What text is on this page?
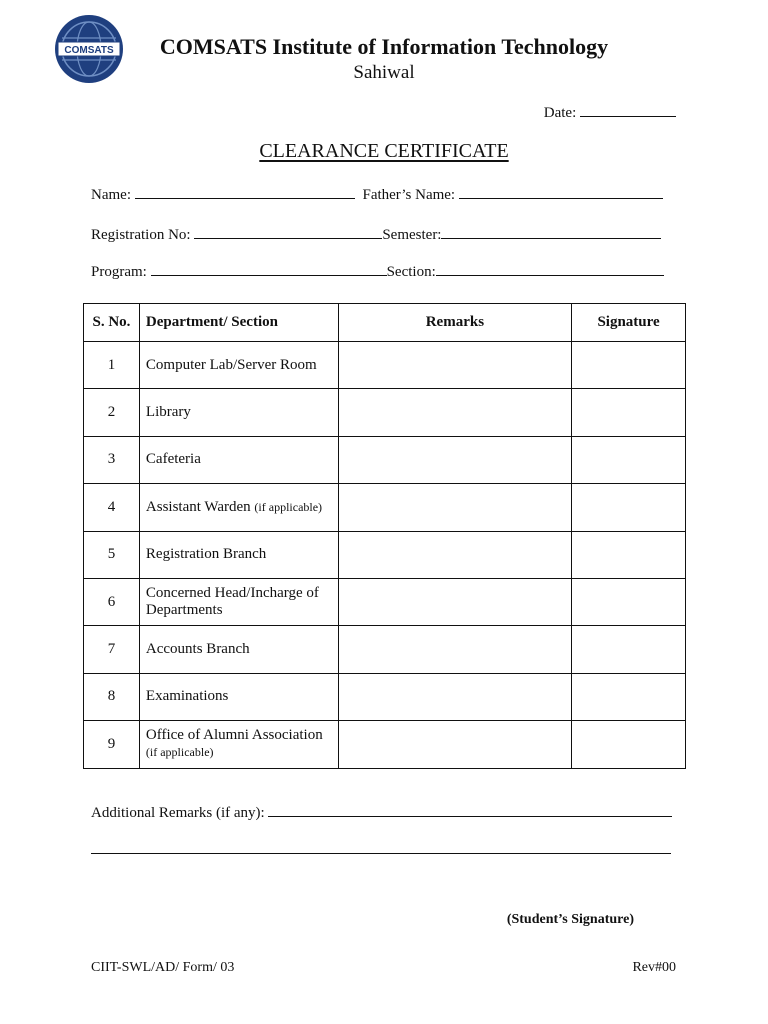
COMSATS	COMSATS Institute of Information Technology
Sahiwal
Date:
CLEARANCE CERTIFICATE
Name:	Father’s Name:
Registration No:	Semester:
Program:	Section:
S. No.	Department/ Section	Remarks	Signature
1	Computer Lab/Server Room		
2	Library		
3	Cafeteria		
4	Assistant Warden (if applicable)		
5	Registration Branch		
6	Concerned Head/Incharge of Departments		
7	Accounts Branch		
8	Examinations		
9	Office of Alumni Association
(if applicable)		
Additional Remarks (if any):
(Student’s Signature)
CIIT-SWL/AD/ Form/ 03	Rev#00
